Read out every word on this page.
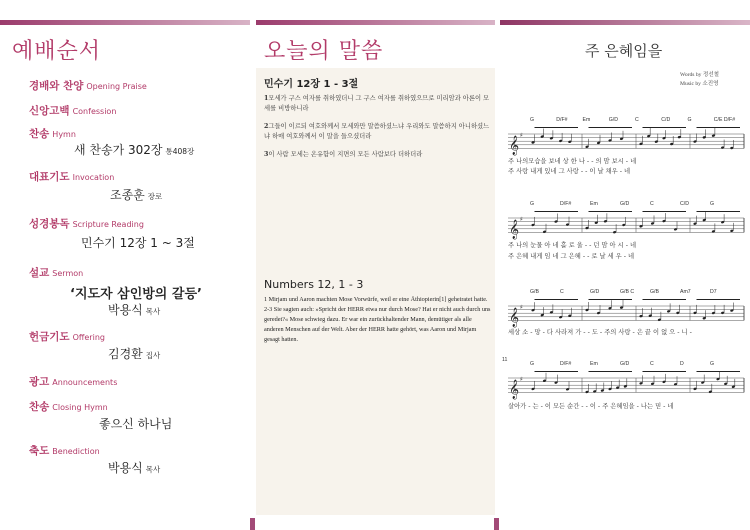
예배순서
경배와 찬양 Opening Praise
신앙고백 Confession
찬송 Hymn
새 찬송가 302장 통408장
대표기도 Invocation
조종훈 장로
성경봉독 Scripture Reading
민수기 12장 1 ~ 3절
설교 Sermon
‘지도자 삼인방의 갈등’
박용식 목사
헌금기도 Offering
김경환 집사
광고 Announcements
찬송 Closing Hymn
좋으신 하나님
축도 Benediction
박용식 목사
오늘의 말씀
민수기 12장 1 - 3절
1모세가 구스 여자를 취하였더니 그 구스 여자를 취하였으므로 미리암과 아론이 모세를 비방하니라
2그들이 이르되 여호와께서 모세와만 말씀하셨느냐 우리와도 말씀하지 아니하셨느냐 하매 여호와께서 이 말을 들으셨더라
3이 사람 모세는 온유함이 지면의 모든 사람보다 더하더라
Numbers 12, 1 - 3
1 Mirjam und Aaron machten Mose Vorwürfe, weil er eine Äthiopierin[1] geheiratet hatte. 2-3 Sie sagten auch: »Spricht der HERR etwa nur durch Mose? Hat er nicht auch durch uns geredet?« Mose schwieg dazu. Er war ein zurückhaltender Mann, demütiger als alle anderen Menschen auf der Welt. Aber der HERR hatte gehört, was Aaron und Mirjam gesagt hatten.
주 은혜임을
Words by 정선철
Music by 소진영
G	D/F#	Em	G/D	C	C/D	G	C/E D/F#
𝄞 ♯
주 나의모습을 보네 상 한 나 - - 의 맘 보시 - 네
주 사랑 내게 있네 그 사랑 - - 이 날 채우 - 네
G	D/F#	Em	G/D	C	C/D	G
𝄞 ♯
주 나의 눈물 아 네 홀 로 울 - - 던 맘 아 시 - 네
주 은혜 내게 임 네 그 은혜 - - 로 날 세 우 - 네
G/B	C	G/D	G/B C	G/B	Am7	D7
𝄞 ♯
세상 소 - 망 - 다 사라져 가 - - 도 - 주의 사랑 - 은 끝 이 없 으 - 니 -
11
G	D/F#	Em	G/D	C	D	G
𝄞 ♯
살아가 - 는 - 이 모든 순간 - - 이 - 주 은혜임을 - 나는 믿 - 네
